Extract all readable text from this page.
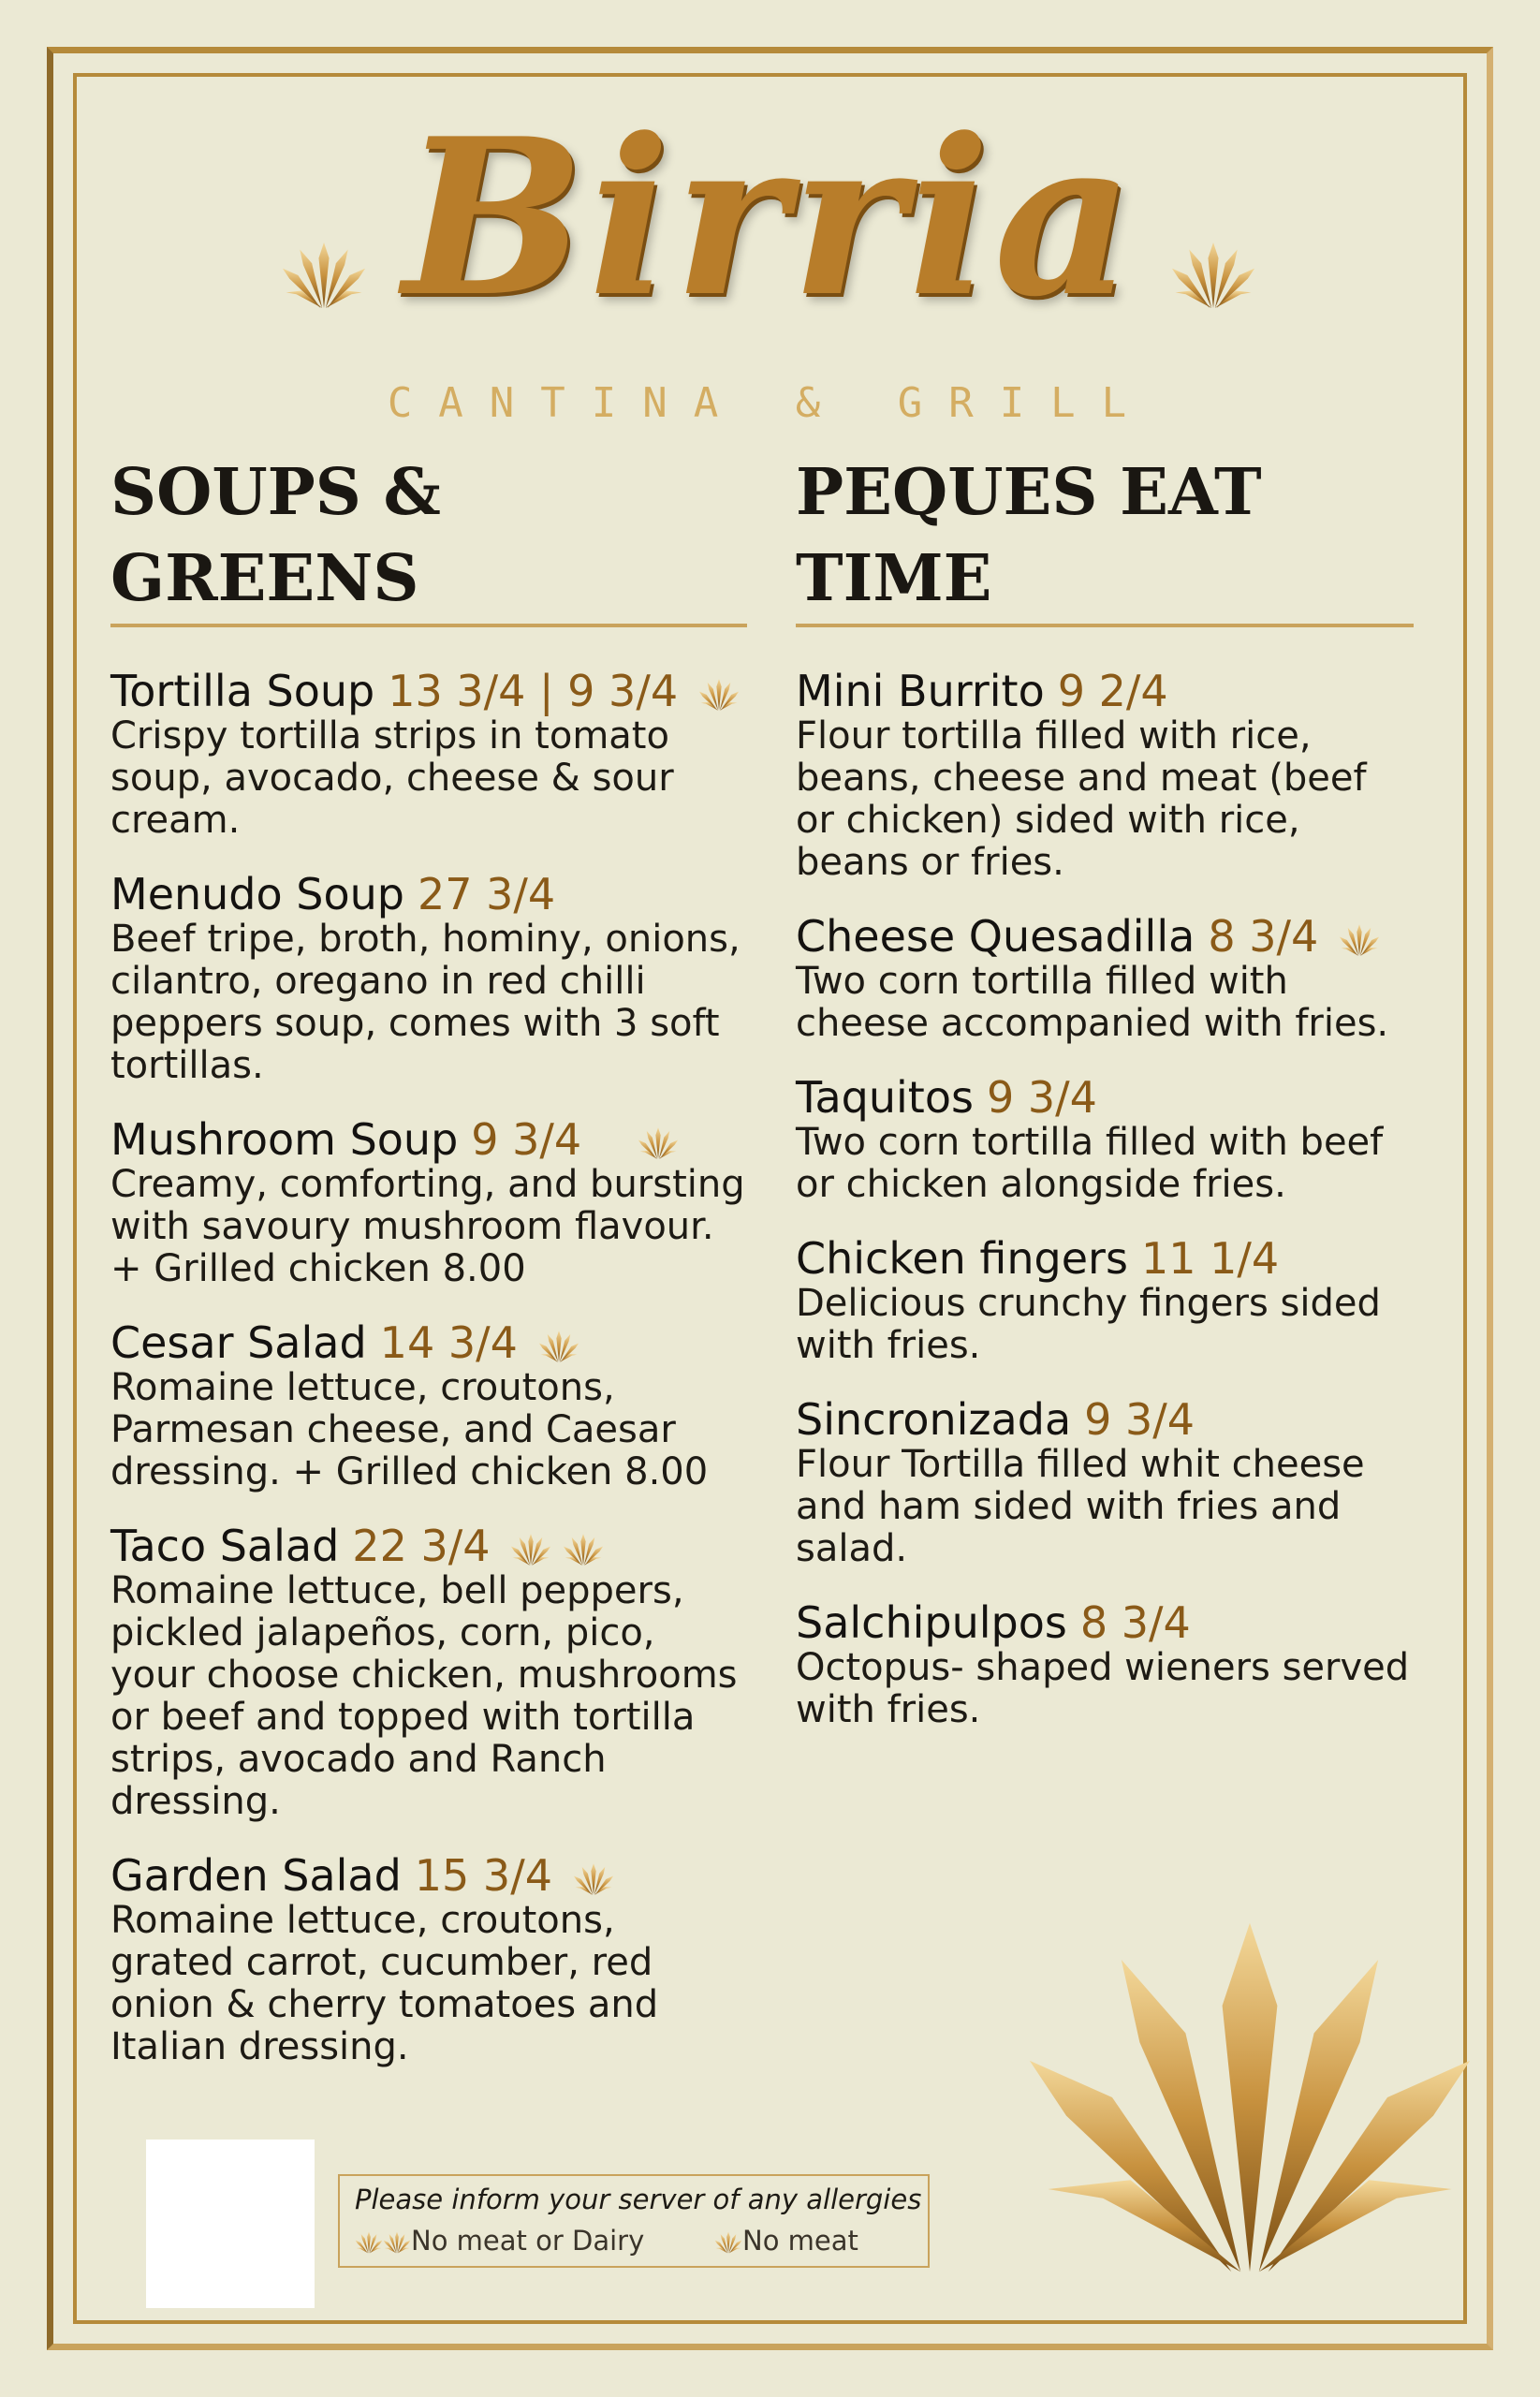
Birria
CANTINA & GRILL
SOUPS & GREENS
Tortilla Soup 13 3/4 | 9 3/4
Crispy tortilla strips in tomato soup, avocado, cheese & sour cream.
Menudo Soup 27 3/4
Beef tripe, broth, hominy, onions, cilantro, oregano in red chilli peppers soup, comes with 3 soft tortillas.
Mushroom Soup 9 3/4
Creamy, comforting, and bursting with savoury mushroom flavour. + Grilled chicken 8.00
Cesar Salad 14 3/4
Romaine lettuce, croutons, Parmesan cheese, and Caesar dressing. + Grilled chicken 8.00
Taco Salad 22 3/4
Romaine lettuce, bell peppers, pickled jalapeños, corn, pico, your choose chicken, mushrooms or beef and topped with tortilla strips, avocado and Ranch dressing.
Garden Salad 15 3/4
Romaine lettuce, croutons, grated carrot, cucumber, red onion & cherry tomatoes and Italian dressing.
PEQUES EAT TIME
Mini Burrito 9 2/4
Flour tortilla filled with rice, beans, cheese and meat (beef or chicken) sided with rice, beans or fries.
Cheese Quesadilla 8 3/4
Two corn tortilla filled with cheese accompanied with fries.
Taquitos 9 3/4
Two corn tortilla filled with beef or chicken alongside fries.
Chicken fingers 11 1/4
Delicious crunchy fingers sided with fries.
Sincronizada 9 3/4
Flour Tortilla filled whit cheese and ham sided with fries and salad.
Salchipulpos 8 3/4
Octopus- shaped wieners served with fries.
Please inform your server of any allergies
No meat or Dairy	No meat
